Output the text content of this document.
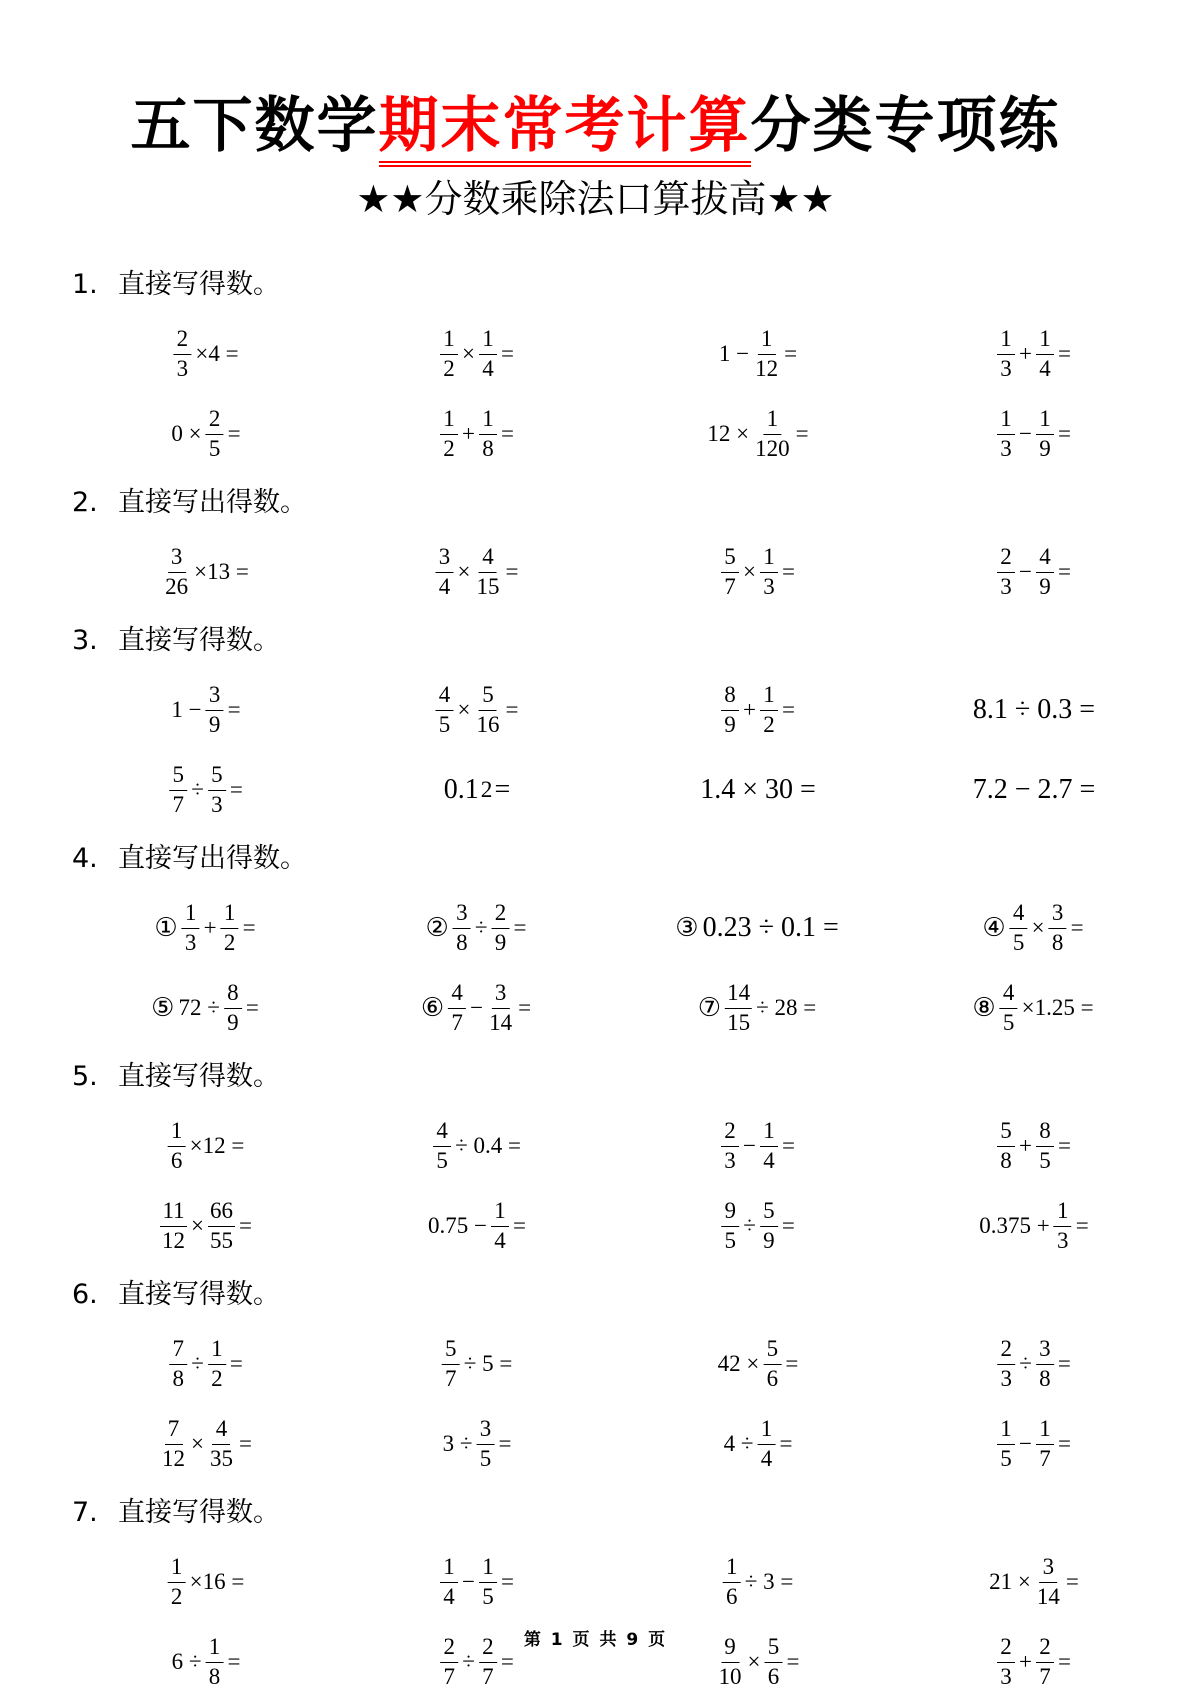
五下数学期末常考计算分类专项练
★★分数乘除法口算拔高★★
1. 直接写得数。
$\frac{2}{3} \times 4$ =	$\frac{1}{2} \times \frac{1}{4}$ =	$1 - \frac{1}{12}$ =	$\frac{1}{3} + \frac{1}{4}$ =
$0 \times \frac{2}{5}$ =	$\frac{1}{2} + \frac{1}{8}$ =	$12 \times \frac{1}{120}$ =	$\frac{1}{3} - \frac{1}{9}$ =
2. 直接写出得数。
$\frac{3}{26} \times 13$ =	$\frac{3}{4} \times \frac{4}{15}$ =	$\frac{5}{7} \times \frac{1}{3}$ =	$\frac{2}{3} - \frac{4}{9}$ =
3. 直接写得数。
$1 - \frac{3}{9}$ =	$\frac{4}{5} \times \frac{5}{16}$ =	$\frac{8}{9} + \frac{1}{2}$ =	8.1 ÷ 0.3 =
$\frac{5}{7} \div \frac{5}{3}$ =	0.1 2 =	1.4 × 30 =	7.2 − 2.7 =
4. 直接写出得数。
① $\frac{1}{3} + \frac{1}{2}$ =	② $\frac{3}{8} \div \frac{2}{9}$ =	③ 0.23 ÷ 0.1 =	④ $\frac{4}{5} \times \frac{3}{8}$ =
⑤ $72 \div \frac{8}{9}$ =	⑥ $\frac{4}{7} - \frac{3}{14}$ =	⑦ $\frac{14}{15} \div 28$ =	⑧ $\frac{4}{5} \times 1.25$ =
5. 直接写得数。
$\frac{1}{6} \times 12$ =	$\frac{4}{5} \div 0.4$ =	$\frac{2}{3} - \frac{1}{4}$ =	$\frac{5}{8} + \frac{8}{5}$ =
$\frac{11}{12} \times \frac{66}{55}$ =	$0.75 - \frac{1}{4}$ =	$\frac{9}{5} \div \frac{5}{9}$ =	$0.375 + \frac{1}{3}$ =
6. 直接写得数。
$\frac{7}{8} \div \frac{1}{2}$ =	$\frac{5}{7} \div 5$ =	$42 \times \frac{5}{6}$ =	$\frac{2}{3} \div \frac{3}{8}$ =
$\frac{7}{12} \times \frac{4}{35}$ =	$3 \div \frac{3}{5}$ =	$4 \div \frac{1}{4}$ =	$\frac{1}{5} - \frac{1}{7}$ =
7. 直接写得数。
$\frac{1}{2} \times 16$ =	$\frac{1}{4} - \frac{1}{5}$ =	$\frac{1}{6} \div 3$ =	$21 \times \frac{3}{14}$ =
$6 \div \frac{1}{8}$ =	$\frac{2}{7} \div \frac{2}{7}$ =	$\frac{9}{10} \times \frac{5}{6}$ =	$\frac{2}{3} + \frac{2}{7}$ =
第 1 页 共 9 页
